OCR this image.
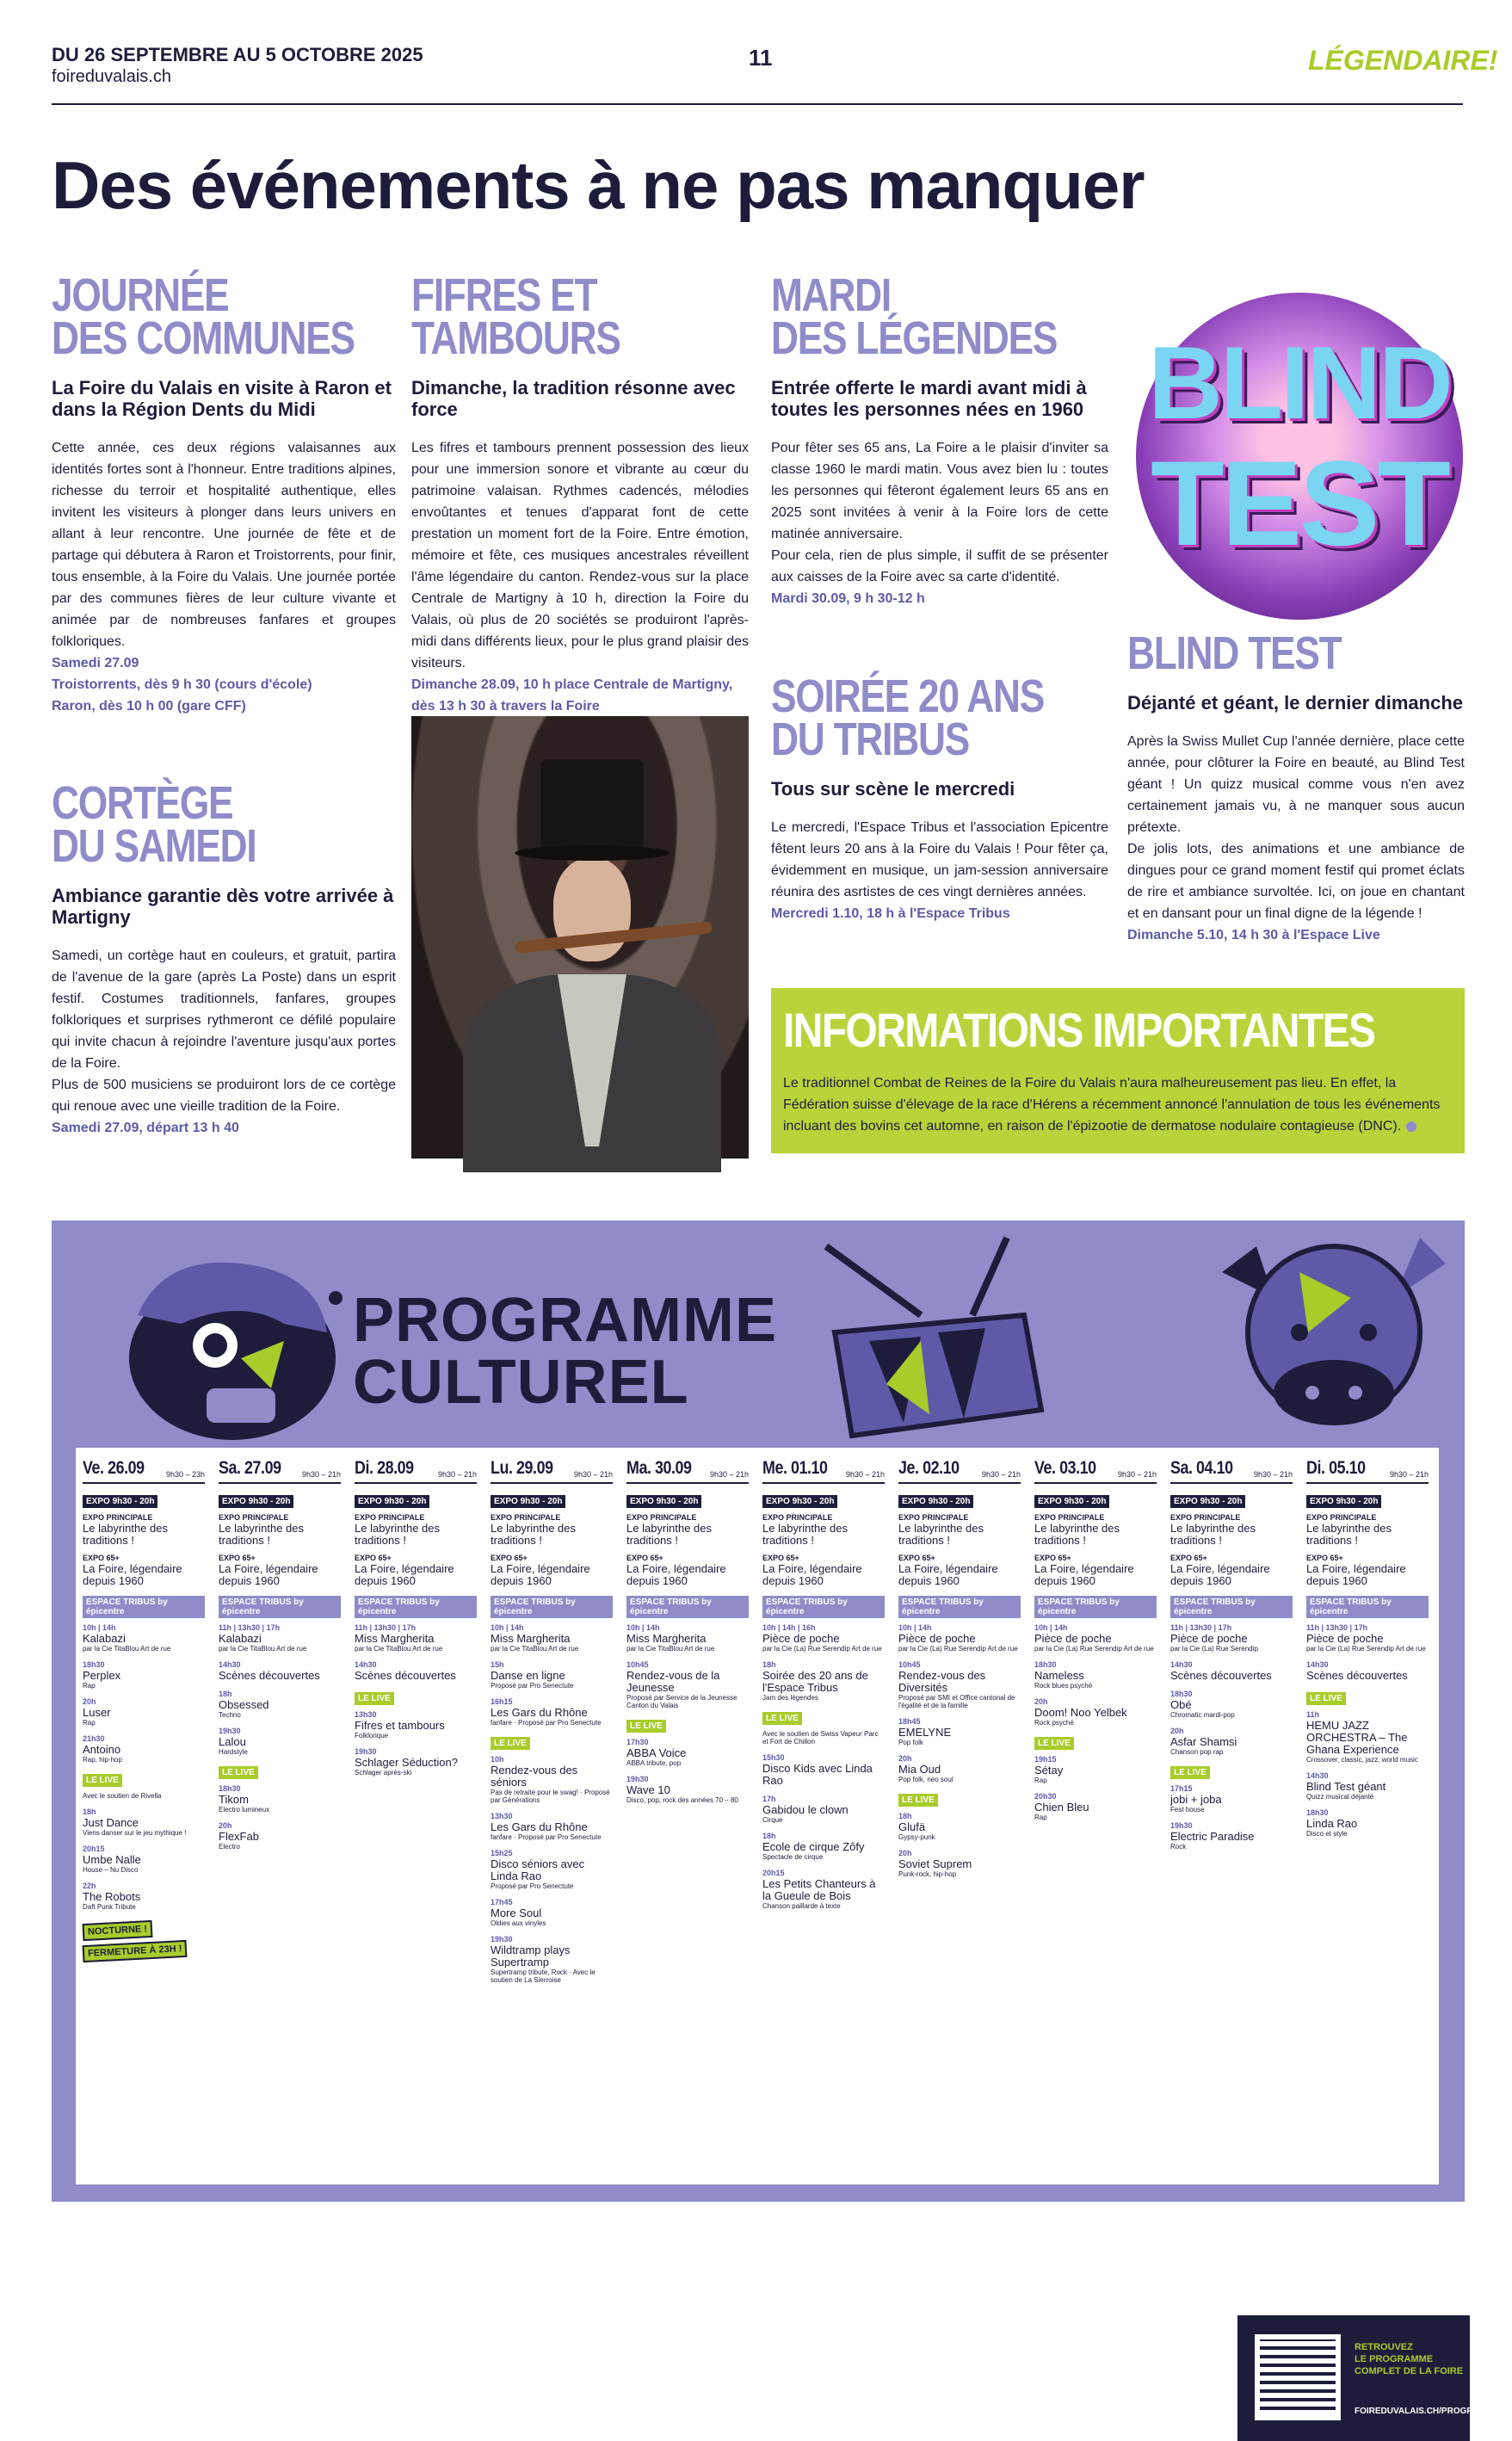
DU 26 SEPTEMBRE AU 5 OCTOBRE 2025
foireduvalais.ch
11	LÉGENDAIRE!
Des événements à ne pas manquer
JOURNÉE
DES COMMUNES
La Foire du Valais en visite à Raron et dans la Région Dents du Midi
Cette année, ces deux régions valaisannes aux identités fortes sont à l'honneur. Entre traditions alpines, richesse du terroir et hospitalité authentique, elles invitent les visiteurs à plonger dans leurs univers en allant à leur rencontre. Une journée de fête et de partage qui débutera à Raron et Troistorrents, pour finir, tous ensemble, à la Foire du Valais. Une journée portée par des communes fières de leur culture vivante et animée par de nombreuses fanfares et groupes folkloriques.
Samedi 27.09
Troistorrents, dès 9 h 30 (cours d'école)
Raron, dès 10 h 00 (gare CFF)
CORTÈGE
DU SAMEDI
Ambiance garantie dès votre arrivée à Martigny
Samedi, un cortège haut en couleurs, et gratuit, partira de l'avenue de la gare (après La Poste) dans un esprit festif. Costumes traditionnels, fanfares, groupes folkloriques et surprises rythmeront ce défilé populaire qui invite chacun à rejoindre l'aventure jusqu'aux portes de la Foire.
Plus de 500 musiciens se produiront lors de ce cortège qui renoue avec une vieille tradition de la Foire.
Samedi 27.09, départ 13 h 40
FIFRES ET
TAMBOURS
Dimanche, la tradition résonne avec force
Les fifres et tambours prennent possession des lieux pour une immersion sonore et vibrante au cœur du patrimoine valaisan. Rythmes cadencés, mélodies envoûtantes et tenues d'apparat font de cette prestation un moment fort de la Foire. Entre émotion, mémoire et fête, ces musiques ancestrales réveillent l'âme légendaire du canton. Rendez-vous sur la place Centrale de Martigny à 10 h, direction la Foire du Valais, où plus de 20 sociétés se produiront l'après-midi dans différents lieux, pour le plus grand plaisir des visiteurs.
Dimanche 28.09, 10 h place Centrale de Martigny,
dès 13 h 30 à travers la Foire
MARDI
DES LÉGENDES
Entrée offerte le mardi avant midi à toutes les personnes nées en 1960
Pour fêter ses 65 ans, La Foire a le plaisir d'inviter sa classe 1960 le mardi matin. Vous avez bien lu : toutes les personnes qui fêteront également leurs 65 ans en 2025 sont invitées à venir à la Foire lors de cette matinée anniversaire.
Pour cela, rien de plus simple, il suffit de se présenter aux caisses de la Foire avec sa carte d'identité.
Mardi 30.09, 9 h 30-12 h
SOIRÉE 20 ANS
DU TRIBUS
Tous sur scène le mercredi
Le mercredi, l'Espace Tribus et l'association Epicentre fêtent leurs 20 ans à la Foire du Valais ! Pour fêter ça, évidemment en musique, un jam-session anniversaire réunira des asrtistes de ces vingt dernières années.
Mercredi 1.10, 18 h à l'Espace Tribus
BLIND
TEST
BLIND TEST
Déjanté et géant, le dernier dimanche
Après la Swiss Mullet Cup l'année dernière, place cette année, pour clôturer la Foire en beauté, au Blind Test géant ! Un quizz musical comme vous n'en avez certainement jamais vu, à ne manquer sous aucun prétexte.
De jolis lots, des animations et une ambiance de dingues pour ce grand moment festif qui promet éclats de rire et ambiance survoltée. Ici, on joue en chantant et en dansant pour un final digne de la légende !
Dimanche 5.10, 14 h 30 à l'Espace Live
INFORMATIONS IMPORTANTES
Le traditionnel Combat de Reines de la Foire du Valais n'aura malheureusement pas lieu. En effet, la Fédération suisse d'élevage de la race d'Hérens a récemment annoncé l'annulation de tous les événements incluant des bovins cet automne, en raison de l'épizootie de dermatose nodulaire contagieuse (DNC).
PROGRAMME
CULTUREL
Ve. 26.09	9h30 – 23h
EXPO 9h30 - 20h
EXPO PRINCIPALE
Le labyrinthe des traditions !
EXPO 65+
La Foire, légendaire depuis 1960
ESPACE TRIBUS by épicentre
10h | 14h
Kalabazi
par la Cie TitaBlou Art de rue
18h30
Perplex
Rap
20h
Luser
Rap
21h30
Antoino
Rap, hip-hop
LE LIVE
Avec le soutien de Rivella
18h
Just Dance
Viens danser sur le jeu mythique !
20h15
Umbe Nalle
House – Nu Disco
22h
The Robots
Daft Punk Tribute
NOCTURNE !
FERMETURE À 23H !
Sa. 27.09	9h30 – 21h
EXPO 9h30 - 20h
EXPO PRINCIPALE
Le labyrinthe des traditions !
EXPO 65+
La Foire, légendaire depuis 1960
ESPACE TRIBUS by épicentre
11h | 13h30 | 17h
Kalabazi
par la Cie TitaBlou Art de rue
14h30
Scènes découvertes
18h
Obsessed
Techno
19h30
Lalou
Hardstyle
LE LIVE
18h30
Tikom
Electro lumineux
20h
FlexFab
Electro
Di. 28.09	9h30 – 21h
EXPO 9h30 - 20h
EXPO PRINCIPALE
Le labyrinthe des traditions !
EXPO 65+
La Foire, légendaire depuis 1960
ESPACE TRIBUS by épicentre
11h | 13h30 | 17h
Miss Margherita
par la Cie TitaBlou Art de rue
14h30
Scènes découvertes
LE LIVE
13h30
Fifres et tambours
Folklorique
19h30
Schlager Séduction?
Schlager après-ski
Lu. 29.09	9h30 – 21h
EXPO 9h30 - 20h
EXPO PRINCIPALE
Le labyrinthe des traditions !
EXPO 65+
La Foire, légendaire depuis 1960
ESPACE TRIBUS by épicentre
10h | 14h
Miss Margherita
par la Cie TitaBlou Art de rue
15h
Danse en ligne
Proposé par Pro Senectute
16h15
Les Gars du Rhône
fanfare · Proposé par Pro Senectute
LE LIVE
10h
Rendez-vous des séniors
Pas de retraite pour le swag! · Proposé par Générations
13h30
Les Gars du Rhône
fanfare · Proposé par Pro Senectute
15h25
Disco séniors avec Linda Rao
Proposé par Pro Senectute
17h45
More Soul
Oldies aux vinyles
19h30
Wildtramp plays Supertramp
Supertramp tribute, Rock · Avec le soutien de La Sierroise
Ma. 30.09 9h30 – 21h
EXPO 9h30 - 20h
EXPO PRINCIPALE
Le labyrinthe des traditions !
EXPO 65+
La Foire, légendaire depuis 1960
ESPACE TRIBUS by épicentre
10h | 14h
Miss Margherita
par la Cie TitaBlou Art de rue
10h45
Rendez-vous de la Jeunesse
Proposé par Service de la Jeunesse Canton du Valais
LE LIVE
17h30
ABBA Voice
ABBA tribute, pop
19h30
Wave 10
Disco, pop, rock des années 70 – 80
Me. 01.10 9h30 – 21h
EXPO 9h30 - 20h
EXPO PRINCIPALE
Le labyrinthe des traditions !
EXPO 65+
La Foire, légendaire depuis 1960
ESPACE TRIBUS by épicentre
10h | 14h | 16h
Pièce de poche
par la Cie (La) Rue Serendip Art de rue
18h
Soirée des 20 ans de l'Espace Tribus
Jam des légendes
LE LIVE
Avec le soutien de Swiss Vapeur Parc et Fort de Chillon
15h30
Disco Kids avec Linda Rao
17h
Gabidou le clown
Cirque
18h
Ecole de cirque Zôfy
Spectacle de cirque
20h15
Les Petits Chanteurs à la Gueule de Bois
Chanson paillarde à texte
Je. 02.10	9h30 – 21h
EXPO 9h30 - 20h
EXPO PRINCIPALE
Le labyrinthe des traditions !
EXPO 65+
La Foire, légendaire depuis 1960
ESPACE TRIBUS by épicentre
10h | 14h
Pièce de poche
par la Cie (La) Rue Serendip Art de rue
10h45
Rendez-vous des Diversités
Proposé par SMI et Office cantonal de l'égalité et de la famille
18h45
EMELYNE
Pop folk
20h
Mia Oud
Pop folk, neo soul
LE LIVE
18h
Glufä
Gypsy-punk
20h
Soviet Suprem
Punk-rock, hip-hop
Ve. 03.10	9h30 – 21h
EXPO 9h30 - 20h
EXPO PRINCIPALE
Le labyrinthe des traditions !
EXPO 65+
La Foire, légendaire depuis 1960
ESPACE TRIBUS by épicentre
10h | 14h
Pièce de poche
par la Cie (La) Rue Serendip Art de rue
18h30
Nameless
Rock blues psyché
20h
Doom! Noo Yelbek
Rock psyché
LE LIVE
19h15
Sétay
Rap
20h30
Chien Bleu
Rap
Sa. 04.10	9h30 – 21h
EXPO 9h30 - 20h
EXPO PRINCIPALE
Le labyrinthe des traditions !
EXPO 65+
La Foire, légendaire depuis 1960
ESPACE TRIBUS by épicentre
11h | 13h30 | 17h
Pièce de poche
par la Cie (La) Rue Serendip
14h30
Scènes découvertes
18h30
Obé
Chromatic mardi-pop
20h
Asfar Shamsi
Chanson pop rap
LE LIVE
17h15
jobi + joba
Fest house
19h30
Electric Paradise
Rock
Di. 05.10	9h30 – 21h
EXPO 9h30 - 20h
EXPO PRINCIPALE
Le labyrinthe des traditions !
EXPO 65+
La Foire, légendaire depuis 1960
ESPACE TRIBUS by épicentre
11h | 13h30 | 17h
Pièce de poche
par la Cie (La) Rue Serendip Art de rue
14h30
Scènes découvertes
LE LIVE
11h
HEMU JAZZ ORCHESTRA – The Ghana Experience
Crossover, classic, jazz, world music
14h30
Blind Test géant
Quizz musical déjanté
18h30
Linda Rao
Disco et style
RETROUVEZ
LE PROGRAMME
COMPLET DE LA FOIRE
FOIREDUVALAIS.CH/PROGRAMME
